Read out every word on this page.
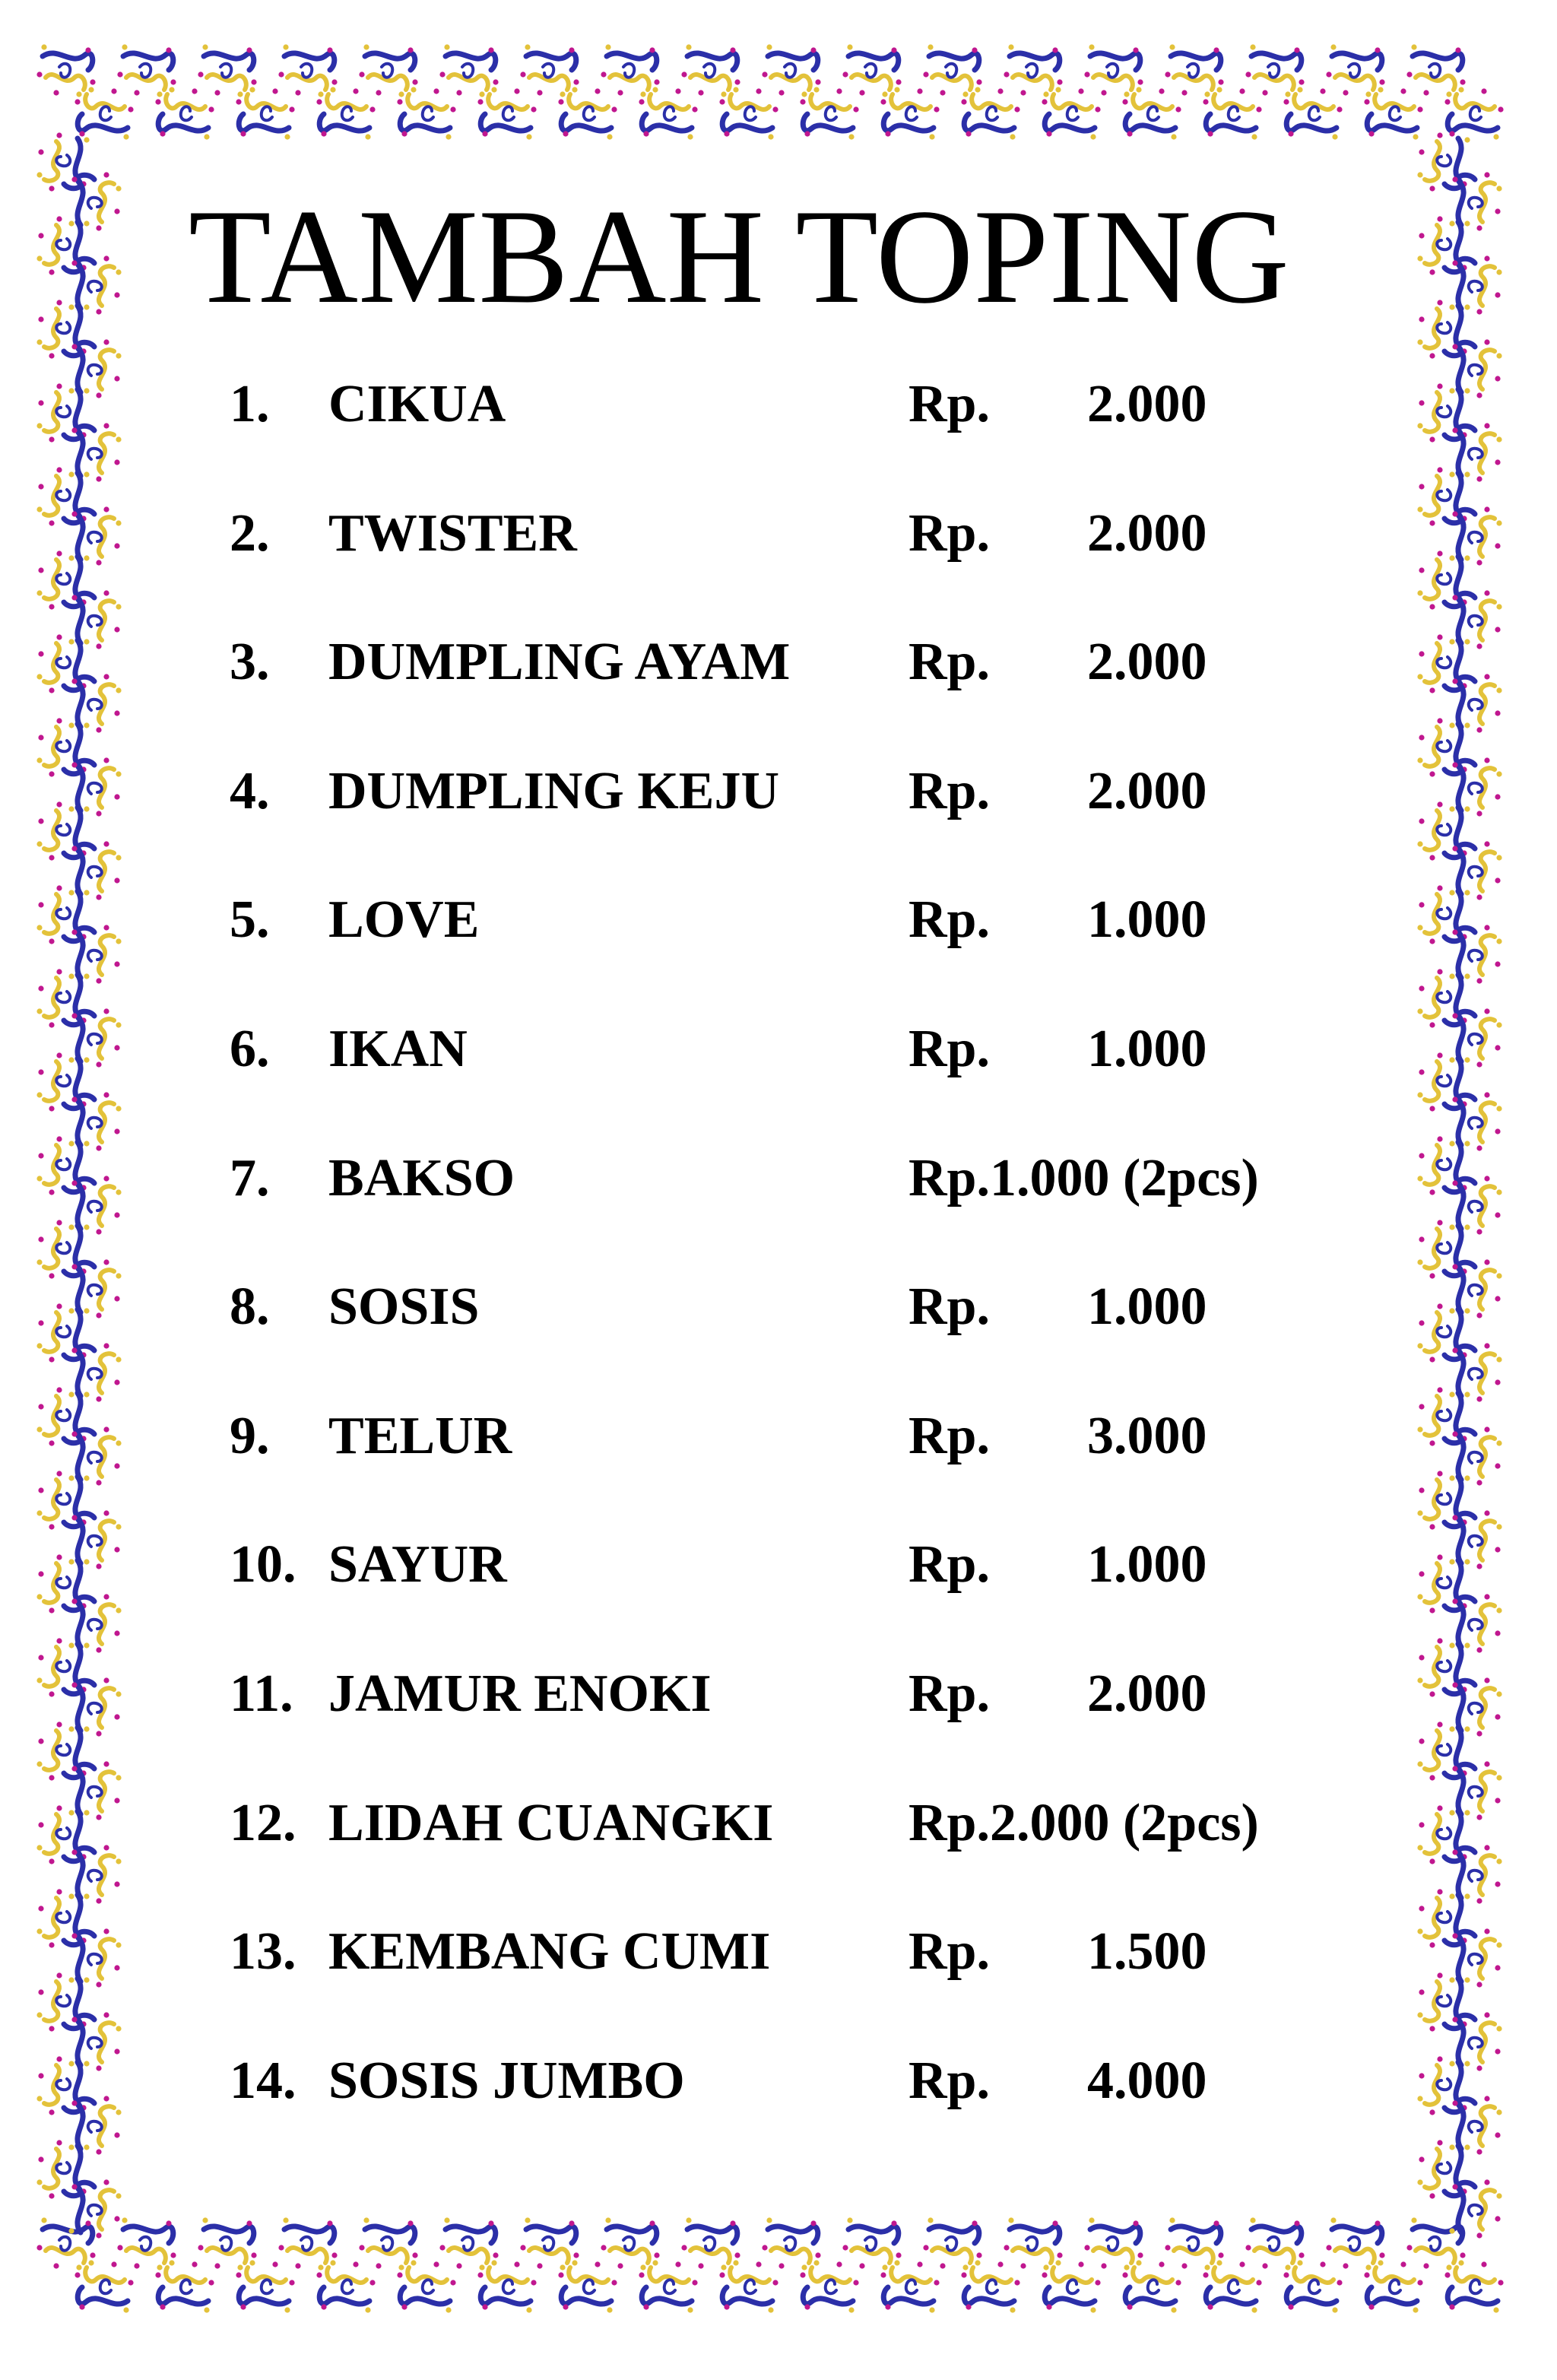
TAMBAH TOPING
1. CIKUA	Rp. 2.000
2. TWISTER	Rp. 2.000
3. DUMPLING AYAM Rp. 2.000
4. DUMPLING KEJU Rp. 2.000
5. LOVE	Rp. 1.000
6. IKAN	Rp. 1.000
7. BAKSO	Rp.1.000 (2pcs)
8. SOSIS	Rp. 1.000
9. TELUR	Rp. 3.000
10. SAYUR	Rp. 1.000
11. JAMUR ENOKI	Rp. 2.000
12. LIDAH CUANGKI	Rp.2.000 (2pcs)
13. KEMBANG CUMI	Rp. 1.500
14. SOSIS JUMBO	Rp. 4.000
